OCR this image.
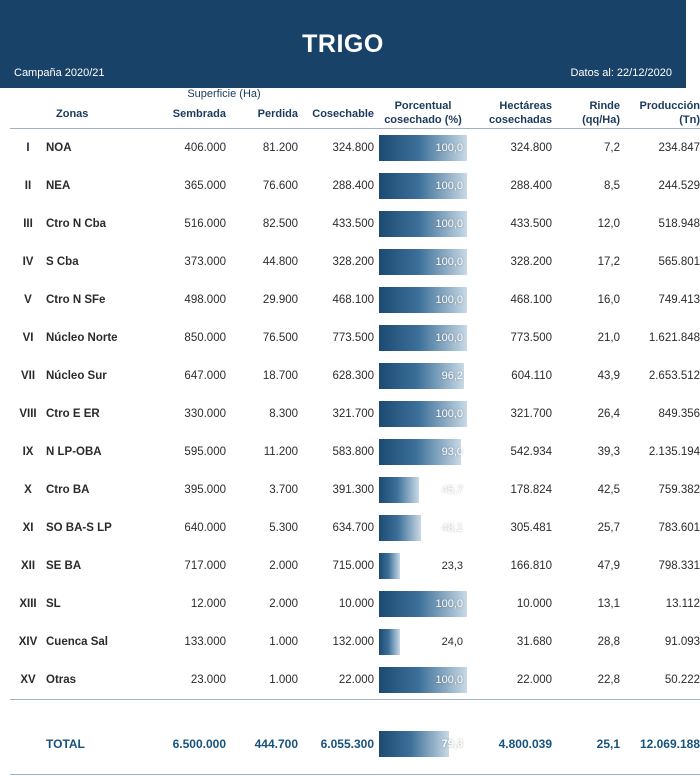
TRIGO
Campaña 2020/21	Datos al: 22/12/2020
		Superficie (Ha)						
	Zonas	Sembrada	Perdida	Cosechable	Porcentual cosechado (%)	Hectáreas cosechadas	Rinde (qq/Ha)	Producción (Tn)
I	NOA	406.000	81.200	324.800	100,0	324.800	7,2	234.847
II	NEA	365.000	76.600	288.400	100,0	288.400	8,5	244.529
III	Ctro N Cba	516.000	82.500	433.500	100,0	433.500	12,0	518.948
IV	S Cba	373.000	44.800	328.200	100,0	328.200	17,2	565.801
V	Ctro N SFe	498.000	29.900	468.100	100,0	468.100	16,0	749.413
VI	Núcleo Norte	850.000	76.500	773.500	100,0	773.500	21,0	1.621.848
VII	Núcleo Sur	647.000	18.700	628.300	96,2	604.110	43,9	2.653.512
VIII	Ctro E ER	330.000	8.300	321.700	100,0	321.700	26,4	849.356
IX	N LP-OBA	595.000	11.200	583.800	93,0	542.934	39,3	2.135.194
X	Ctro BA	395.000	3.700	391.300	45,7	178.824	42,5	759.382
XI	SO BA-S LP	640.000	5.300	634.700	48,1	305.481	25,7	783.601
XII	SE BA	717.000	2.000	715.000	23,3	166.810	47,9	798.331
XIII	SL	12.000	2.000	10.000	100,0	10.000	13,1	13.112
XIV	Cuenca Sal	133.000	1.000	132.000	24,0	31.680	28,8	91.093
XV	Otras	23.000	1.000	22.000	100,0	22.000	22,8	50.222

	TOTAL	6.500.000	444.700	6.055.300	79,3	4.800.039	25,1	12.069.188
